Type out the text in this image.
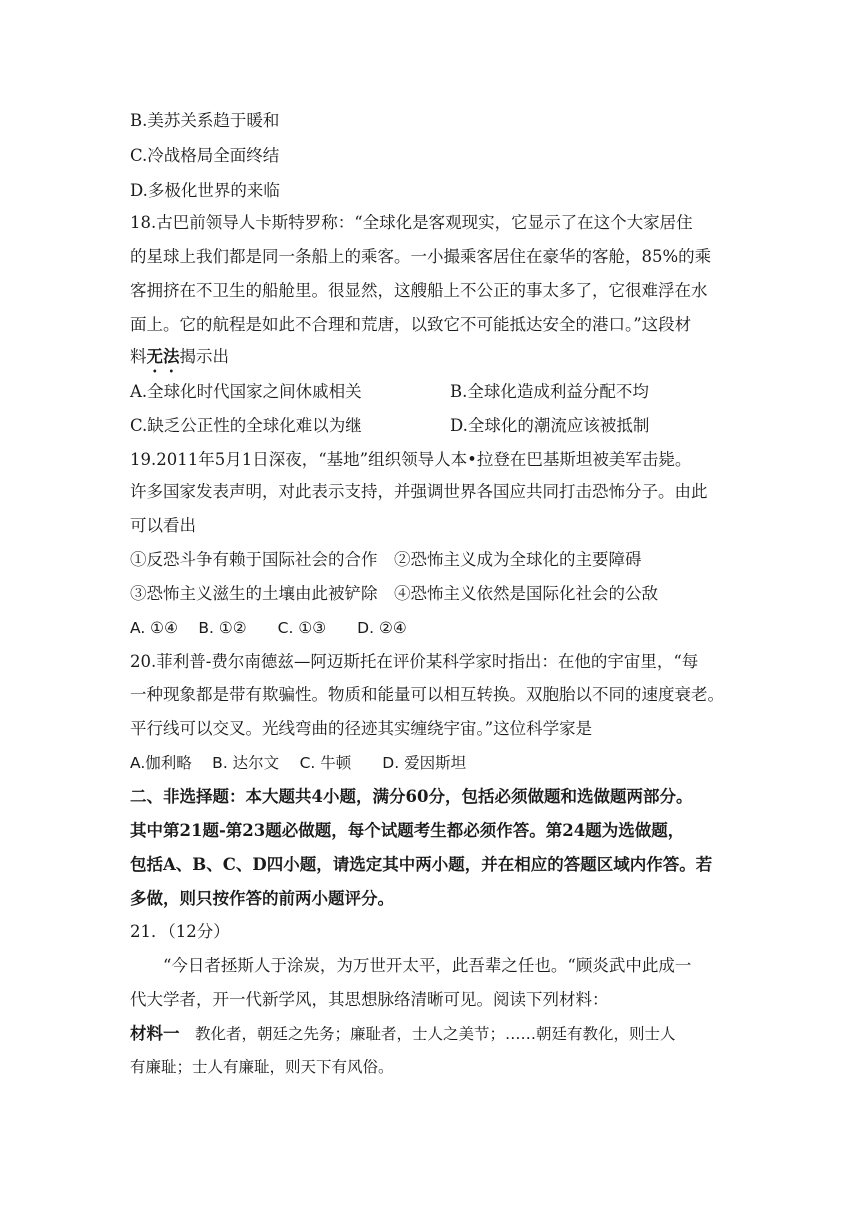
B.美苏关系趋于暖和
C.冷战格局全面终结
D.多极化世界的来临
18.古巴前领导人卡斯特罗称：“全球化是客观现实，它显示了在这个大家居住
的星球上我们都是同一条船上的乘客。一小撮乘客居住在豪华的客舱，85%的乘
客拥挤在不卫生的船舱里。很显然，这艘船上不公正的事太多了，它很难浮在水
面上。它的航程是如此不合理和荒唐，以致它不可能抵达安全的港口。”这段材
料无法揭示出
A.全球化时代国家之间休戚相关	B.全球化造成利益分配不均
C.缺乏公正性的全球化难以为继	D.全球化的潮流应该被抵制
19.2011年5月1日深夜，“基地”组织领导人本•拉登在巴基斯坦被美军击毙。
许多国家发表声明，对此表示支持，并强调世界各国应共同打击恐怖分子。由此
可以看出
①反恐斗争有赖于国际社会的合作　②恐怖主义成为全球化的主要障碍
③恐怖主义滋生的土壤由此被铲除　④恐怖主义依然是国际化社会的公敌
A. ①④　 B. ①②　　C. ①③　　D. ②④
20.菲利普-费尔南德兹—阿迈斯托在评价某科学家时指出：在他的宇宙里，“每
一种现象都是带有欺骗性。物质和能量可以相互转换。双胞胎以不同的速度衰老。
平行线可以交叉。光线弯曲的径迹其实缠绕宇宙。”这位科学家是
A.伽利略　 B. 达尔文　 C. 牛顿　　D. 爱因斯坦
二、非选择题：本大题共4小题，满分60分，包括必须做题和选做题两部分。
其中第21题-第23题必做题，每个试题考生都必须作答。第24题为选做题，
包括A、B、C、D四小题，请选定其中两小题，并在相应的答题区域内作答。若
多做，则只按作答的前两小题评分。
21．（12分）
　　“今日者拯斯人于涂炭，为万世开太平，此吾辈之任也。“顾炎武中此成一
代大学者，开一代新学风，其思想脉络清晰可见。阅读下列材料：
材料一　教化者，朝廷之先务；廉耻者，士人之美节；……朝廷有教化，则士人
有廉耻；士人有廉耻，则天下有风俗。
